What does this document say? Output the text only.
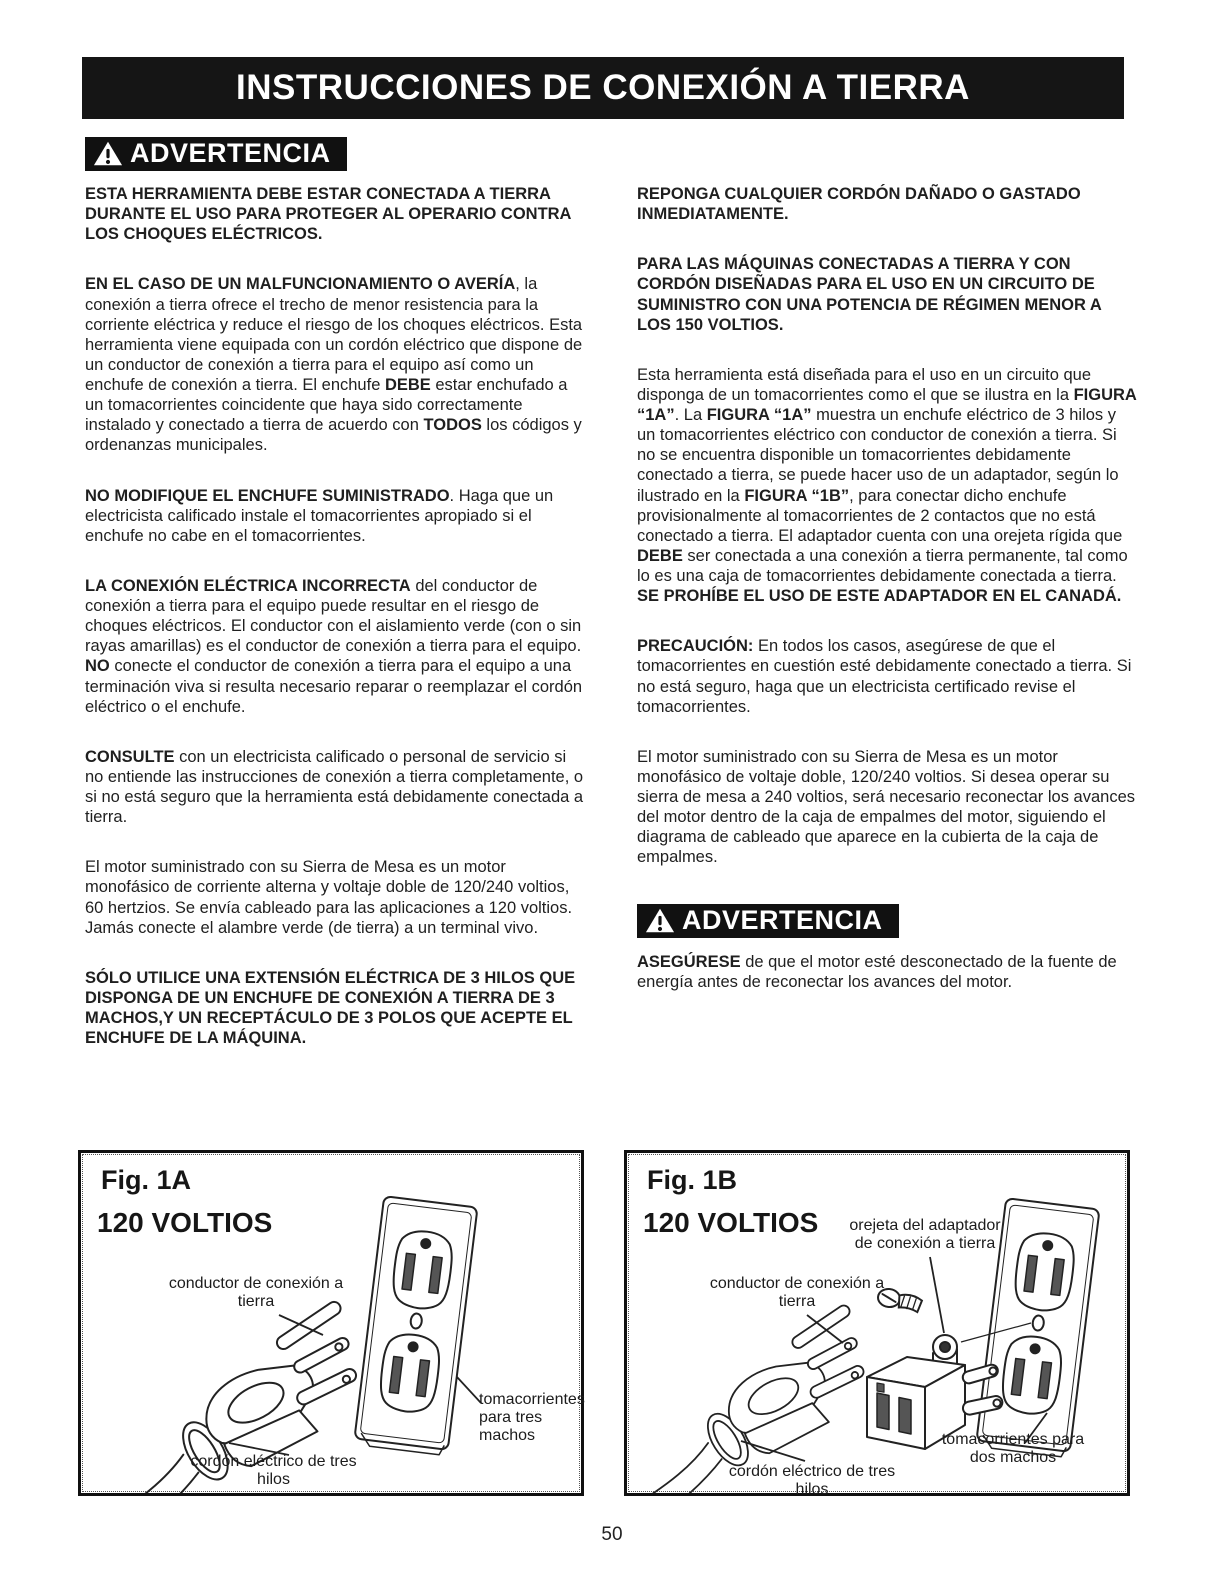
INSTRUCCIONES DE CONEXIÓN A TIERRA
ADVERTENCIA

ESTA HERRAMIENTA DEBE ESTAR CONECTADA A TIERRA DURANTE EL USO PARA PROTEGER AL OPERARIO CONTRA LOS CHOQUES ELÉCTRICOS.

EN EL CASO DE UN MALFUNCIONAMIENTO O AVERÍA, la conexión a tierra ofrece el trecho de menor resistencia para la corriente eléctrica y reduce el riesgo de los choques eléctricos. Esta herramienta viene equipada con un cordón eléctrico que dispone de un conductor de conexión a tierra para el equipo así como un enchufe de conexión a tierra. El enchufe DEBE estar enchufado a un tomacorrientes coincidente que haya sido correctamente instalado y conectado a tierra de acuerdo con TODOS los códigos y ordenanzas municipales.

NO MODIFIQUE EL ENCHUFE SUMINISTRADO. Haga que un electricista calificado instale el tomacorrientes apropiado si el enchufe no cabe en el tomacorrientes.

LA CONEXIÓN ELÉCTRICA INCORRECTA del conductor de conexión a tierra para el equipo puede resultar en el riesgo de choques eléctricos. El conductor con el aislamiento verde (con o sin rayas amarillas) es el conductor de conexión a tierra para el equipo. NO conecte el conductor de conexión a tierra para el equipo a una terminación viva si resulta necesario reparar o reemplazar el cordón eléctrico o el enchufe.

CONSULTE con un electricista calificado o personal de servicio si no entiende las instrucciones de conexión a tierra completamente, o si no está seguro que la herramienta está debidamente conectada a tierra.

El motor suministrado con su Sierra de Mesa es un motor monofásico de corriente alterna y voltaje doble de 120/240 voltios, 60 hertzios. Se envía cableado para las aplicaciones a 120 voltios. Jamás conecte el alambre verde (de tierra) a un terminal vivo.

SÓLO UTILICE UNA EXTENSIÓN ELÉCTRICA DE 3 HILOS QUE DISPONGA DE UN ENCHUFE DE CONEXIÓN A TIERRA DE 3 MACHOS,Y UN RECEPTÁCULO DE 3 POLOS QUE ACEPTE EL ENCHUFE DE LA MÁQUINA.

REPONGA CUALQUIER CORDÓN DAÑADO O GASTADO INMEDIATAMENTE.

PARA LAS MÁQUINAS CONECTADAS A TIERRA Y CON CORDÓN DISEÑADAS PARA EL USO EN UN CIRCUITO DE SUMINISTRO CON UNA POTENCIA DE RÉGIMEN MENOR A LOS 150 VOLTIOS.

Esta herramienta está diseñada para el uso en un circuito que disponga de un tomacorrientes como el que se ilustra en la FIGURA “1A”. La FIGURA “1A” muestra un enchufe eléctrico de 3 hilos y un tomacorrientes eléctrico con conductor de conexión a tierra. Si no se encuentra disponible un tomacorrientes debidamente conectado a tierra, se puede hacer uso de un adaptador, según lo ilustrado en la FIGURA “1B”, para conectar dicho enchufe provisionalmente al tomacorrientes de 2 contactos que no está conectado a tierra. El adaptador cuenta con una orejeta rígida que DEBE ser conectada a una conexión a tierra permanente, tal como lo es una caja de tomacorrientes debidamente conectada a tierra. SE PROHÍBE EL USO DE ESTE ADAPTADOR EN EL CANADÁ.

PRECAUCIÓN: En todos los casos, asegúrese de que el tomacorrientes en cuestión esté debidamente conectado a tierra. Si no está seguro, haga que un electricista certificado revise el tomacorrientes.

El motor suministrado con su Sierra de Mesa es un motor monofásico de voltaje doble, 120/240 voltios. Si desea operar su sierra de mesa a 240 voltios, será necesario reconectar los avances del motor dentro de la caja de empalmes del motor, siguiendo el diagrama de cableado que aparece en la cubierta de la caja de empalmes.

ADVERTENCIA

ASEGÚRESE de que el motor esté desconectado de la fuente de energía antes de reconectar los avances del motor.

Fig. 1A
120 VOLTIOS
conductor de conexión a tierra
tomacorrientes para tres machos
cordón eléctrico de tres hilos
Fig. 1B
120 VOLTIOS	orejeta del adaptador de conexión a tierra
conductor de conexión a tierra
tomacorrientes para dos machos
cordón eléctrico de tres hilos
50
